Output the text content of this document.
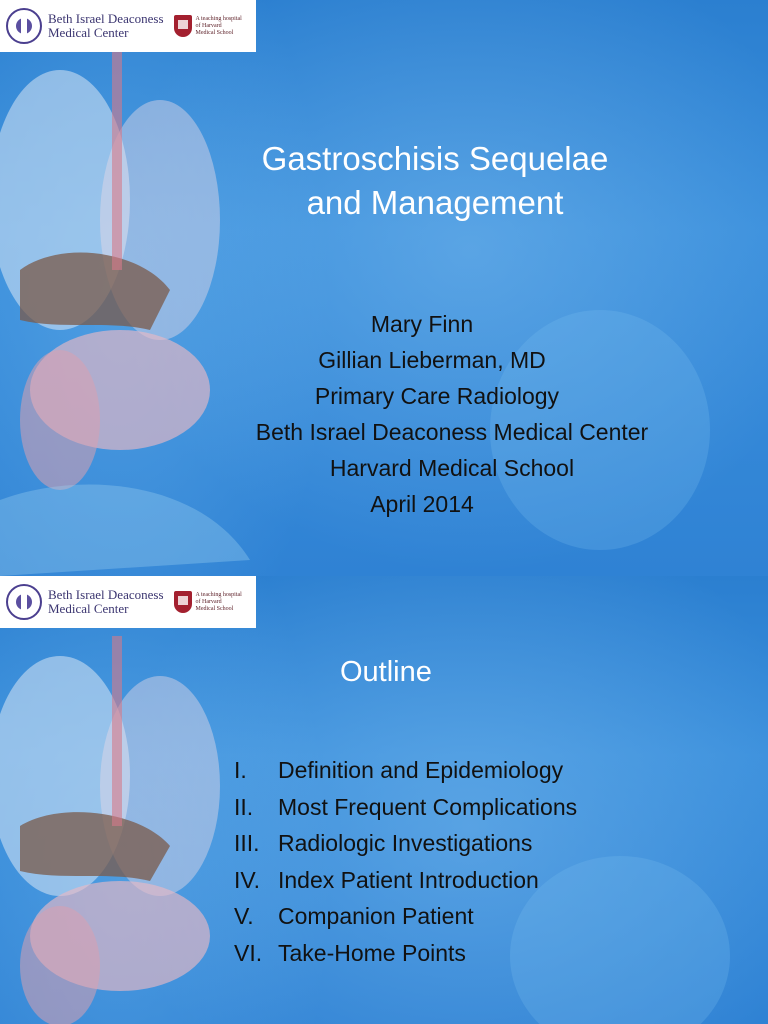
Beth Israel Deaconess
Medical Center
A teaching hospital
of Harvard
Medical School
Gastroschisis Sequelae
and Management
Mary Finn
Gillian Lieberman, MD
Primary Care Radiology
Beth Israel Deaconess Medical Center
Harvard Medical School
April 2014
Beth Israel Deaconess
Medical Center
A teaching hospital
of Harvard
Medical School
Outline
I.	Definition and Epidemiology
II.	Most Frequent Complications
III. Radiologic Investigations
IV. Index Patient Introduction
V.	Companion Patient
VI. Take-Home Points
